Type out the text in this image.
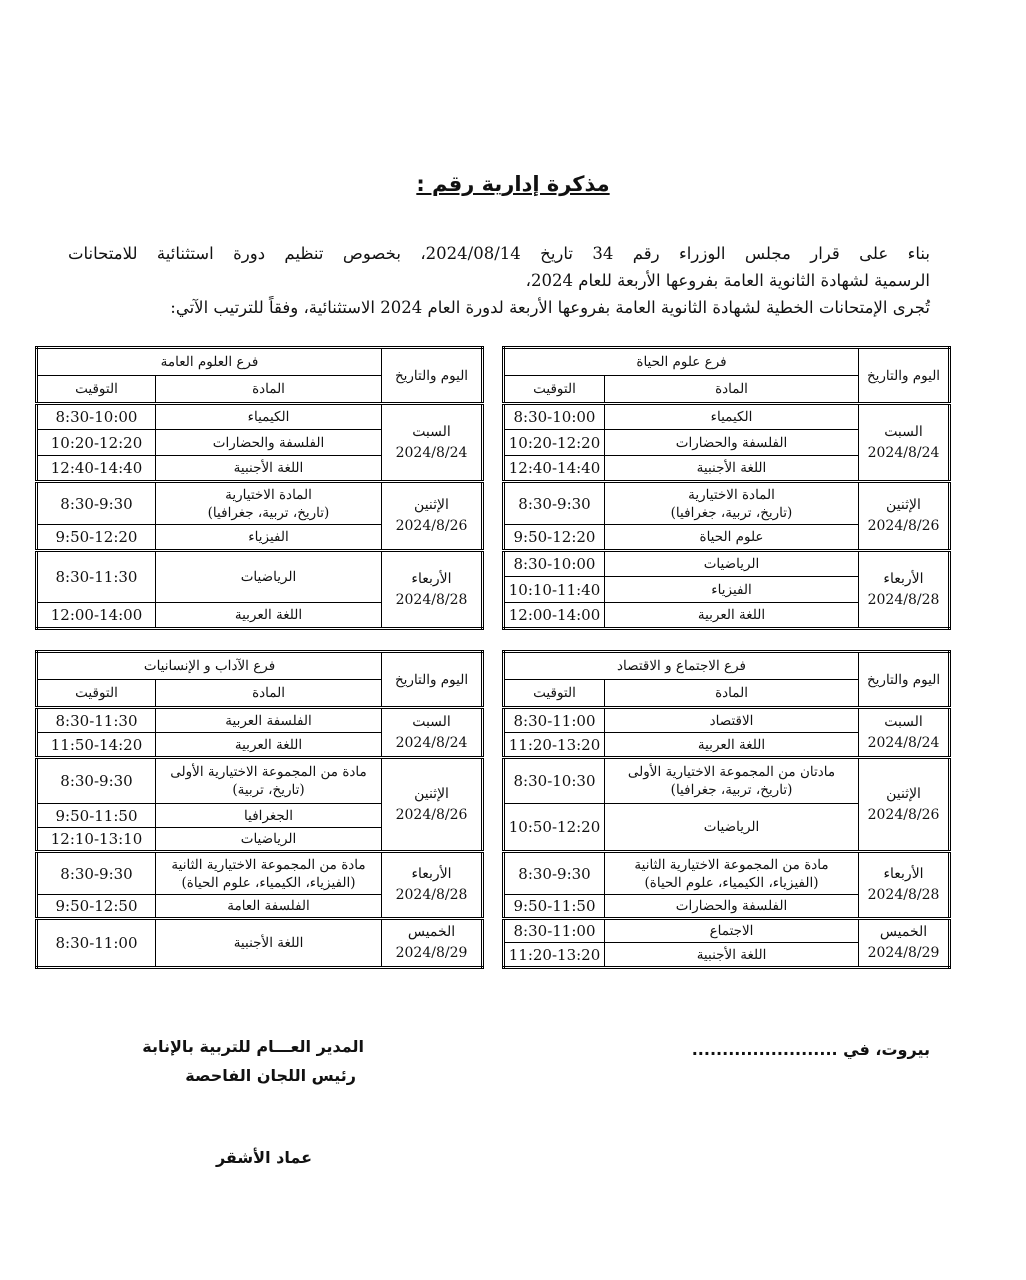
مذكرة إدارية رقم :

بناء على قرار مجلس الوزراء رقم 34 تاريخ 2024/08/14، بخصوص تنظيم دورة استثنائية للامتحانات

الرسمية لشهادة الثانوية العامة بفروعها الأربعة للعام 2024،

تُجرى الإمتحانات الخطية لشهادة الثانوية العامة بفروعها الأربعة لدورة العام 2024 الاستثنائية، وفقاً للترتيب الآتي:

اليوم والتاريخ	فرع علوم الحياة	
	المادة	التوقيت

السبت
2024/8/24	الكيمياء	8:30-10:00
	الفلسفة والحضارات	10:20-12:20
	اللغة الأجنبية	12:40-14:40

الإثنين
2024/8/26	المادة الاختيارية
(تاريخ، تربية، جغرافيا)	8:30-9:30
	علوم الحياة	9:50-12:20

الأربعاء
2024/8/28	الرياضيات	8:30-10:00
	الفيزياء	10:10-11:40
	اللغة العربية	12:00-14:00
اليوم والتاريخ	فرع العلوم العامة	
	المادة	التوقيت

السبت
2024/8/24	الكيمياء	8:30-10:00
	الفلسفة والحضارات	10:20-12:20
	اللغة الأجنبية	12:40-14:40

الإثنين
2024/8/26	المادة الاختيارية
(تاريخ، تربية، جغرافيا)	8:30-9:30
	الفيزياء	9:50-12:20

الأربعاء
2024/8/28	الرياضيات	8:30-11:30
	اللغة العربية	12:00-14:00
اليوم والتاريخ	فرع الاجتماع و الاقتصاد	
	المادة	التوقيت

السبت
2024/8/24	الاقتصاد	8:30-11:00
	اللغة العربية	11:20-13:20

الإثنين
2024/8/26	مادتان من المجموعة الاختيارية الأولى
(تاريخ، تربية، جغرافيا)	8:30-10:30
	الرياضيات	10:50-12:20

الأربعاء
2024/8/28	مادة من المجموعة الاختيارية الثانية
(الفيزياء، الكيمياء، علوم الحياة)	8:30-9:30
	الفلسفة والحضارات	9:50-11:50

الخميس
2024/8/29	الاجتماع	8:30-11:00
	اللغة الأجنبية	11:20-13:20
اليوم والتاريخ	فرع الآداب و الإنسانيات	
	المادة	التوقيت

السبت
2024/8/24	الفلسفة العربية	8:30-11:30
	اللغة العربية	11:50-14:20

الإثنين
2024/8/26	مادة من المجموعة الاختيارية الأولى
(تاريخ، تربية)	8:30-9:30
	الجغرافيا	9:50-11:50
	الرياضيات	12:10-13:10

الأربعاء
2024/8/28	مادة من المجموعة الاختيارية الثانية
(الفيزياء، الكيمياء، علوم الحياة)	8:30-9:30
	الفلسفة العامة	9:50-12:50

الخميس
2024/8/29	اللغة الأجنبية	8:30-11:00
بيروت، في ........................
المدير العـــام للتربية بالإنابة
رئيس اللجان الفاحصة
عماد الأشقر
